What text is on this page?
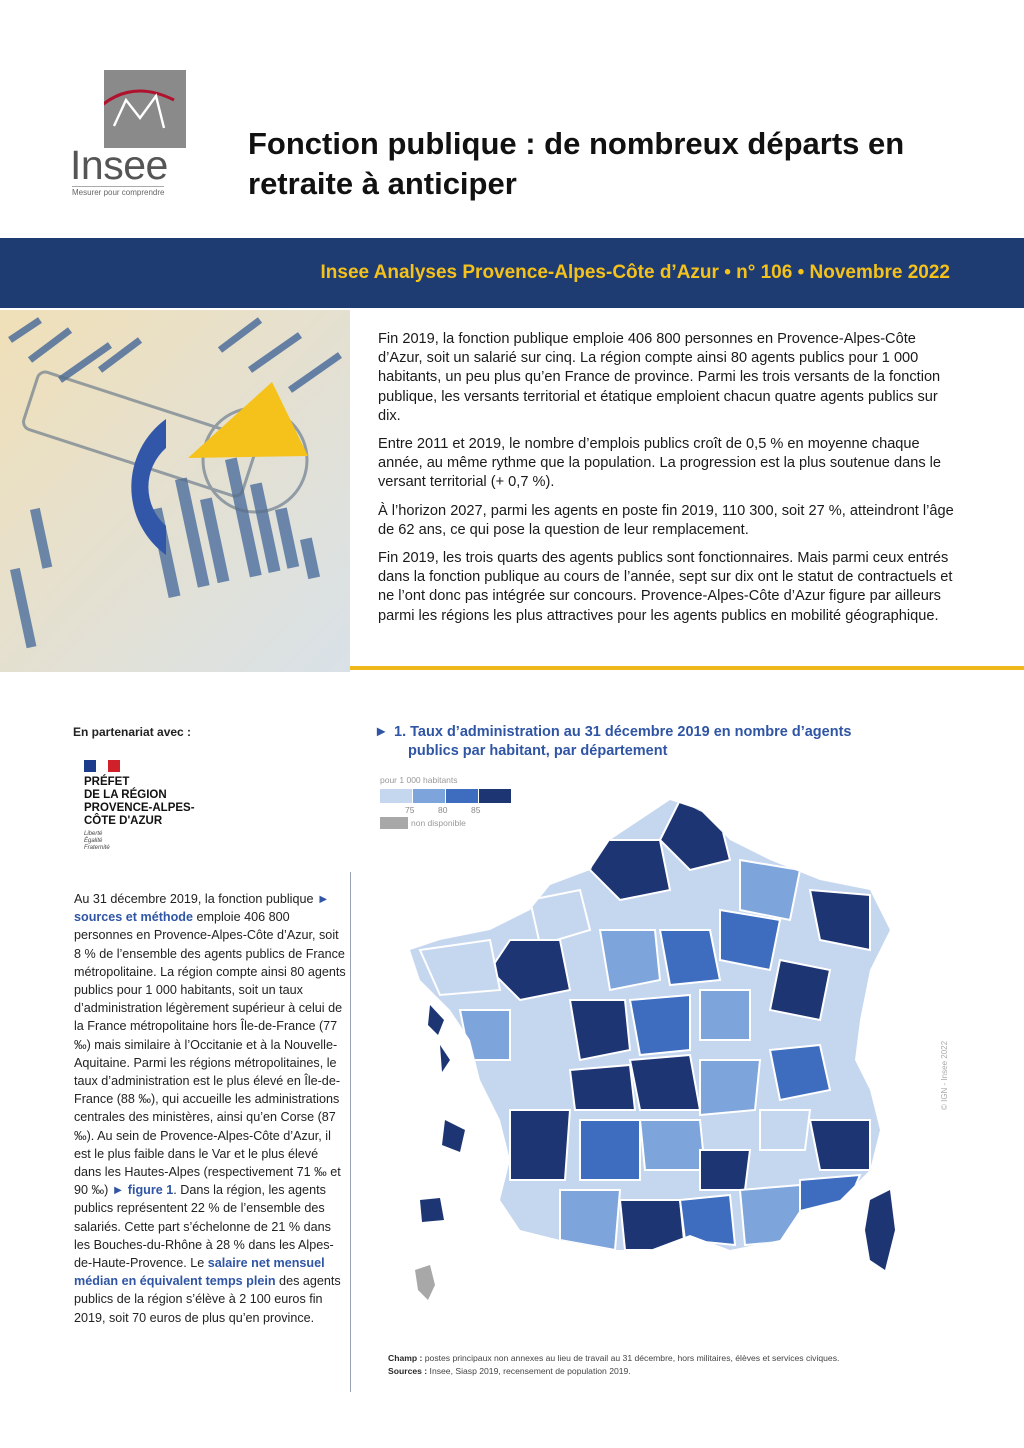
Insee
Mesurer pour comprendre
Fonction publique : de nombreux départs en retraite à anticiper
Insee Analyses Provence-Alpes-Côte d’Azur • n° 106 • Novembre 2022

Fin 2019, la fonction publique emploie 406 800 personnes en Provence-Alpes-Côte d’Azur, soit un salarié sur cinq. La région compte ainsi 80 agents publics pour 1 000 habitants, un peu plus qu’en France de province. Parmi les trois versants de la fonction publique, les versants territorial et étatique emploient chacun quatre agents publics sur dix.

Entre 2011 et 2019, le nombre d’emplois publics croît de 0,5 % en moyenne chaque année, au même rythme que la population. La progression est la plus soutenue dans le versant territorial (+ 0,7 %).

À l’horizon 2027, parmi les agents en poste fin 2019, 110 300, soit 27 %, atteindront l’âge de 62 ans, ce qui pose la question de leur remplacement.

Fin 2019, les trois quarts des agents publics sont fonctionnaires. Mais parmi ceux entrés dans la fonction publique au cours de l’année, sept sur dix ont le statut de contractuels et ne l’ont donc pas intégrée sur concours. Provence-Alpes-Côte d’Azur figure par ailleurs parmi les régions les plus attractives pour les agents publics en mobilité géographique.

En partenariat avec :
PRÉFET
DE LA RÉGION
PROVENCE-ALPES-
CÔTE D'AZUR
Liberté
Égalité
Fraternité

Au 31 décembre 2019, la fonction publique ► sources et méthode emploie 406 800 personnes en Provence-Alpes-Côte d’Azur, soit 8 % de l’ensemble des agents publics de France métropolitaine. La région compte ainsi 80 agents publics pour 1 000 habitants, soit un taux d’administration légèrement supérieur à celui de la France métropolitaine hors Île-de-France (77 ‰) mais similaire à l’Occitanie et à la Nouvelle-Aquitaine. Parmi les régions métropolitaines, le taux d’administration est le plus élevé en Île-de-France (88 ‰), qui accueille les administrations centrales des ministères, ainsi qu’en Corse (87 ‰). Au sein de Provence-Alpes-Côte d’Azur, il est le plus faible dans le Var et le plus élevé dans les Hautes-Alpes (respectivement 71 ‰ et 90 ‰) ► figure 1. Dans la région, les agents publics représentent 22 % de l’ensemble des salariés. Cette part s’échelonne de 21 % dans les Bouches-du-Rhône à 28 % dans les Alpes-de-Haute-Provence. Le salaire net mensuel médian en équivalent temps plein des agents publics de la région s’élève à 2 100 euros fin 2019, soit 70 euros de plus qu’en province.

► 1. Taux d’administration au 31 décembre 2019 en nombre d’agents
publics par habitant, par département
pour 1 000 habitants
75	80	85
non disponible
© IGN - Insee 2022
Champ : postes principaux non annexes au lieu de travail au 31 décembre, hors militaires, élèves et services civiques.
Sources : Insee, Siasp 2019, recensement de population 2019.
